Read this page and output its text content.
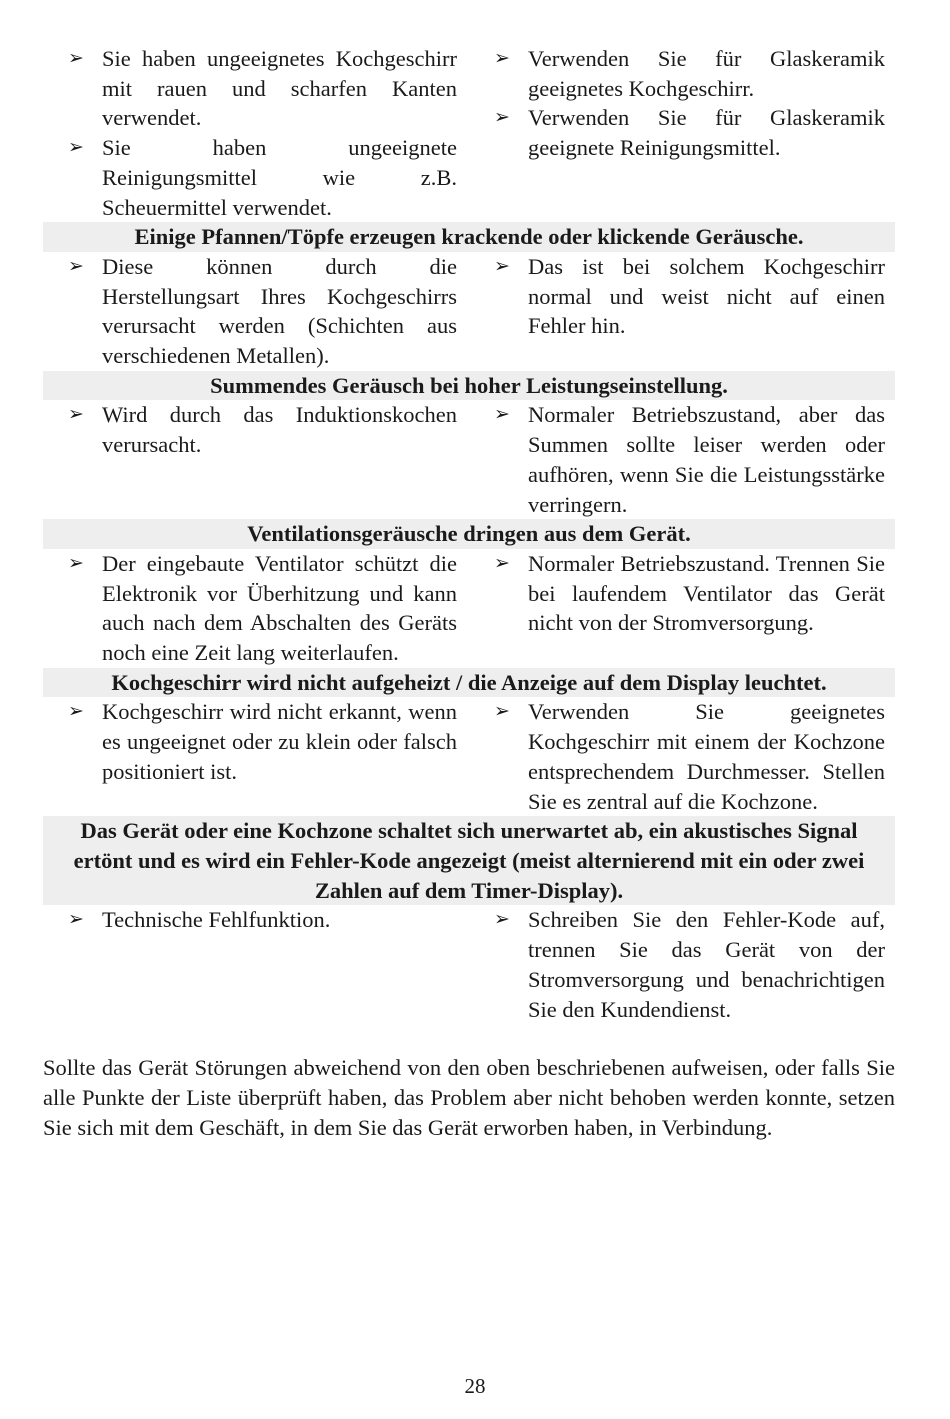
➢ Sie haben ungeeignetes Kochgeschirr mit rauen und scharfen Kanten verwendet.
➢ Sie haben ungeeignete Reinigungsmittel wie z.B. Scheuermittel verwendet.
➢ Verwenden Sie für Glaskeramik geeignetes Kochgeschirr.
➢ Verwenden Sie für Glaskeramik geeignete Reinigungsmittel.
Einige Pfannen/Töpfe erzeugen krackende oder klickende Geräusche.
➢ Diese können durch die Herstellungsart Ihres Kochgeschirrs verursacht werden (Schichten aus verschiedenen Metallen).
➢ Das ist bei solchem Kochgeschirr normal und weist nicht auf einen Fehler hin.
Summendes Geräusch bei hoher Leistungseinstellung.
➢ Wird durch das Induktionskochen verursacht.
➢ Normaler Betriebszustand, aber das Summen sollte leiser werden oder aufhören, wenn Sie die Leistungsstärke verringern.
Ventilationsgeräusche dringen aus dem Gerät.
➢ Der eingebaute Ventilator schützt die Elektronik vor Überhitzung und kann auch nach dem Abschalten des Geräts noch eine Zeit lang weiterlaufen.
➢ Normaler Betriebszustand. Trennen Sie bei laufendem Ventilator das Gerät nicht von der Stromversorgung.
Kochgeschirr wird nicht aufgeheizt / die Anzeige auf dem Display leuchtet.
➢ Kochgeschirr wird nicht erkannt, wenn es ungeeignet oder zu klein oder falsch positioniert ist.
➢ Verwenden Sie geeignetes Kochgeschirr mit einem der Kochzone entsprechendem Durchmesser. Stellen Sie es zentral auf die Kochzone.
Das Gerät oder eine Kochzone schaltet sich unerwartet ab, ein akustisches Signal ertönt und es wird ein Fehler-Kode angezeigt (meist alternierend mit ein oder zwei Zahlen auf dem Timer-Display).
➢ Technische Fehlfunktion.	➢ Schreiben Sie den Fehler-Kode auf, trennen Sie das Gerät von der Stromversorgung und benachrichtigen Sie den Kundendienst.

Sollte das Gerät Störungen abweichend von den oben beschriebenen aufweisen, oder falls Sie alle Punkte der Liste überprüft haben, das Problem aber nicht behoben werden konnte, setzen Sie sich mit dem Geschäft, in dem Sie das Gerät erworben haben, in Verbindung.

28
